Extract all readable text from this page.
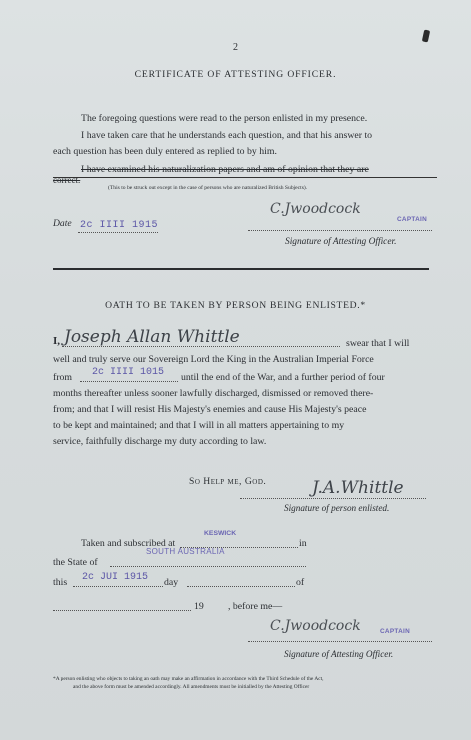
2
CERTIFICATE OF ATTESTING OFFICER.
The foregoing questions were read to the person enlisted in my presence.
I have taken care that he understands each question, and that his answer to
each question has been duly entered as replied to by him.
I have examined his naturalization papers and am of opinion that they are
correct.
(This to be struck out except in the case of persons who are naturalized British Subjects).
Date 2c IIII 1915
C.Jwoodcock
CAPTAIN
Signature of Attesting Officer.
OATH TO BE TAKEN BY PERSON BEING ENLISTED.*
I, Joseph Allan Whittle	swear that I will
well and truly serve our Sovereign Lord the King in the Australian Imperial Force
from 2c IIII 1015 until the end of the War, and a further period of four
months thereafter unless sooner lawfully discharged, dismissed or removed there-
from; and that I will resist His Majesty's enemies and cause His Majesty's peace
to be kept and maintained; and that I will in all matters appertaining to my
service, faithfully discharge my duty according to law.
So Help me, God.	J.A.Whittle
Signature of person enlisted.
Taken and subscribed at
KESWICK
in
the State of
SOUTH AUSTRALIA
this 2c JUI 1915 day	of
19 , before me—
C.Jwoodcock	CAPTAIN
Signature of Attesting Officer.
*A person enlisting who objects to taking an oath may make an affirmation in accordance with the Third Schedule of the Act,
and the above form must be amended accordingly. All amendments must be initialled by the Attesting Officer
